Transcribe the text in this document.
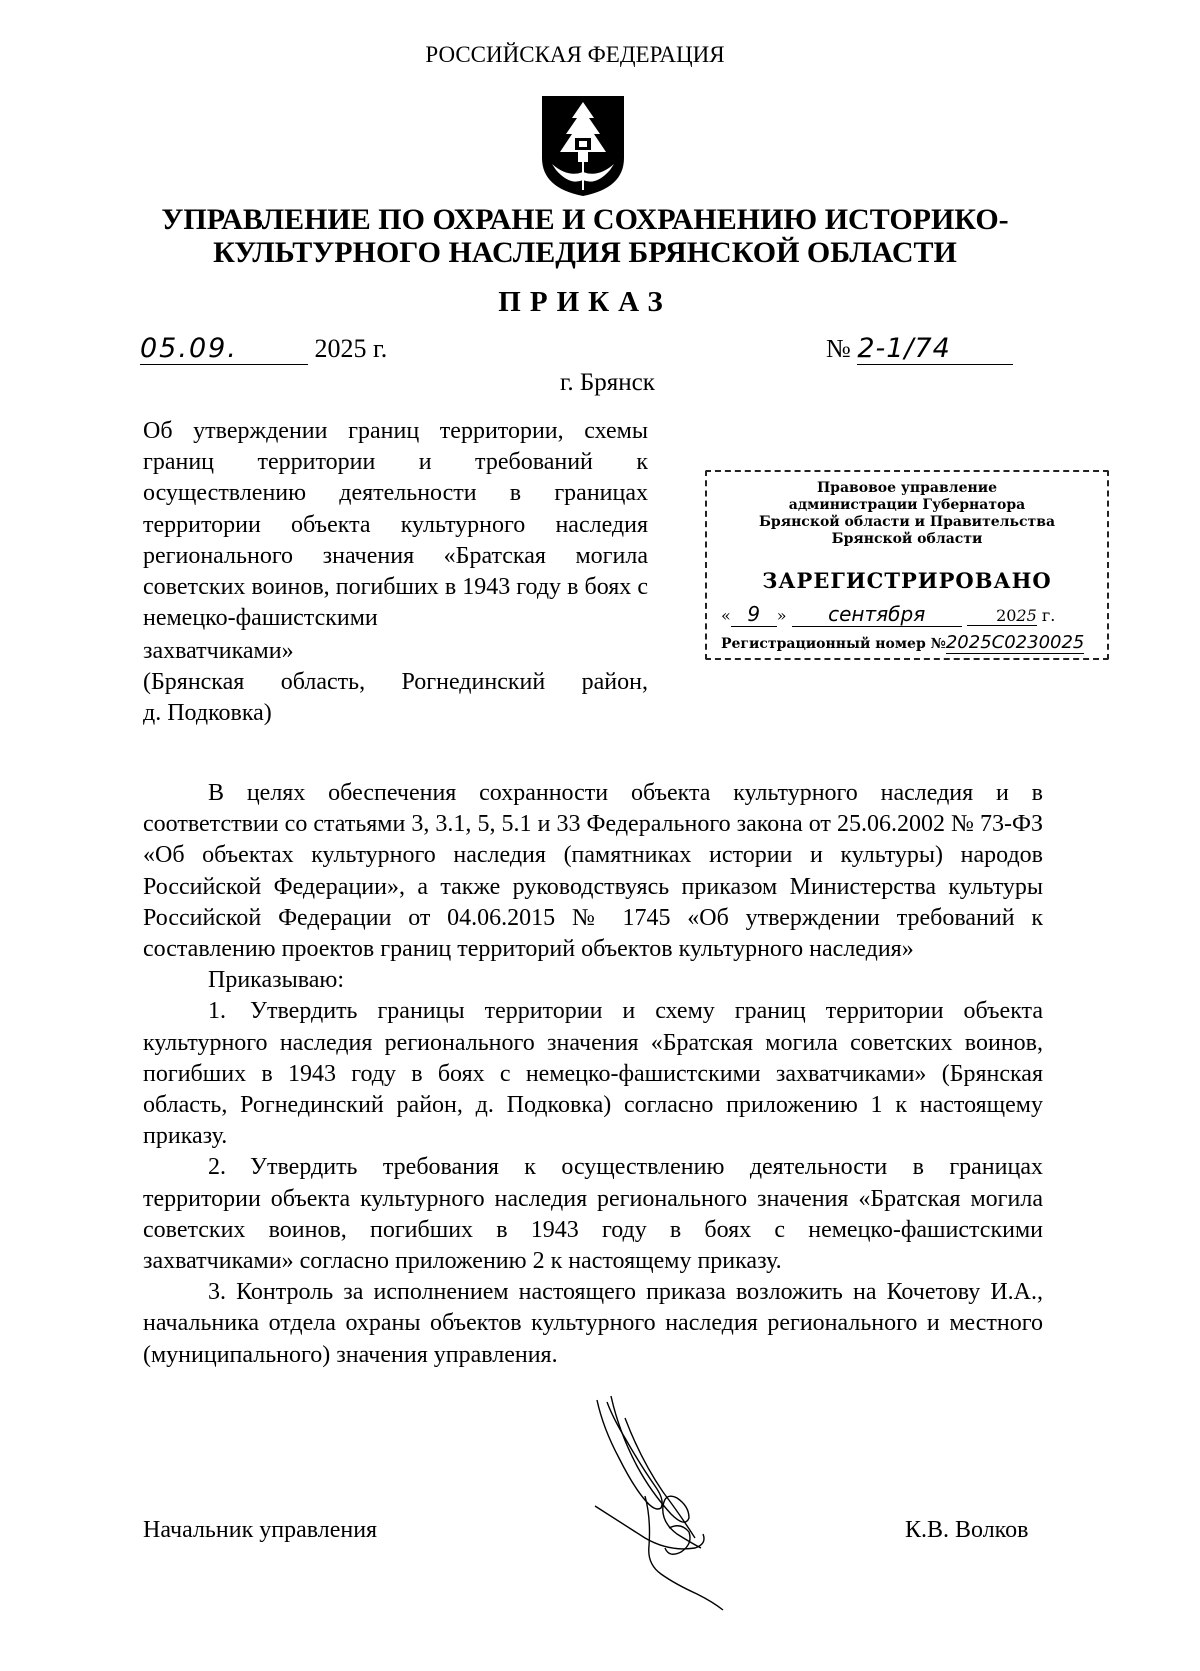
РОССИЙСКАЯ ФЕДЕРАЦИЯ
УПРАВЛЕНИЕ ПО ОХРАНЕ И СОХРАНЕНИЮ ИСТОРИКО-
КУЛЬТУРНОГО НАСЛЕДИЯ БРЯНСКОЙ ОБЛАСТИ
ПРИКАЗ
05.09.	2025 г.	№ 2-1/74
г. Брянск
Об утверждении границ территории, схемы границ территории и требований к осуществлению деятельности в границах территории объекта культурного наследия регионального значения «Братская могила советских воинов, погибших в 1943 году в боях с немецко-фашистскими
захватчиками»
(Брянская область, Рогнединский район,
д. Подковка)
Правовое управление
администрации Губернатора
Брянской области и Правительства
Брянской области
ЗАРЕГИСТРИРОВАНО
« 9 » сентября	2025 г.
Регистрационный номер №2025С0230025

В целях обеспечения сохранности объекта культурного наследия и в соответствии со статьями 3, 3.1, 5, 5.1 и 33 Федерального закона от 25.06.2002 № 73-ФЗ «Об объектах культурного наследия (памятниках истории и культуры) народов Российской Федерации», а также руководствуясь приказом Министерства культуры Российской Федерации от 04.06.2015 № 1745 «Об утверждении требований к составлению проектов границ территорий объектов культурного наследия»

Приказываю:

1. Утвердить границы территории и схему границ территории объекта культурного наследия регионального значения «Братская могила советских воинов, погибших в 1943 году в боях с немецко-фашистскими захватчиками» (Брянская область, Рогнединский район, д. Подковка) согласно приложению 1 к настоящему приказу.

2. Утвердить требования к осуществлению деятельности в границах территории объекта культурного наследия регионального значения «Братская могила советских воинов, погибших в 1943 году в боях с немецко-фашистскими захватчиками» согласно приложению 2 к настоящему приказу.

3. Контроль за исполнением настоящего приказа возложить на Кочетову И.А., начальника отдела охраны объектов культурного наследия регионального и местного (муниципального) значения управления.

Начальник управления	К.В. Волков
